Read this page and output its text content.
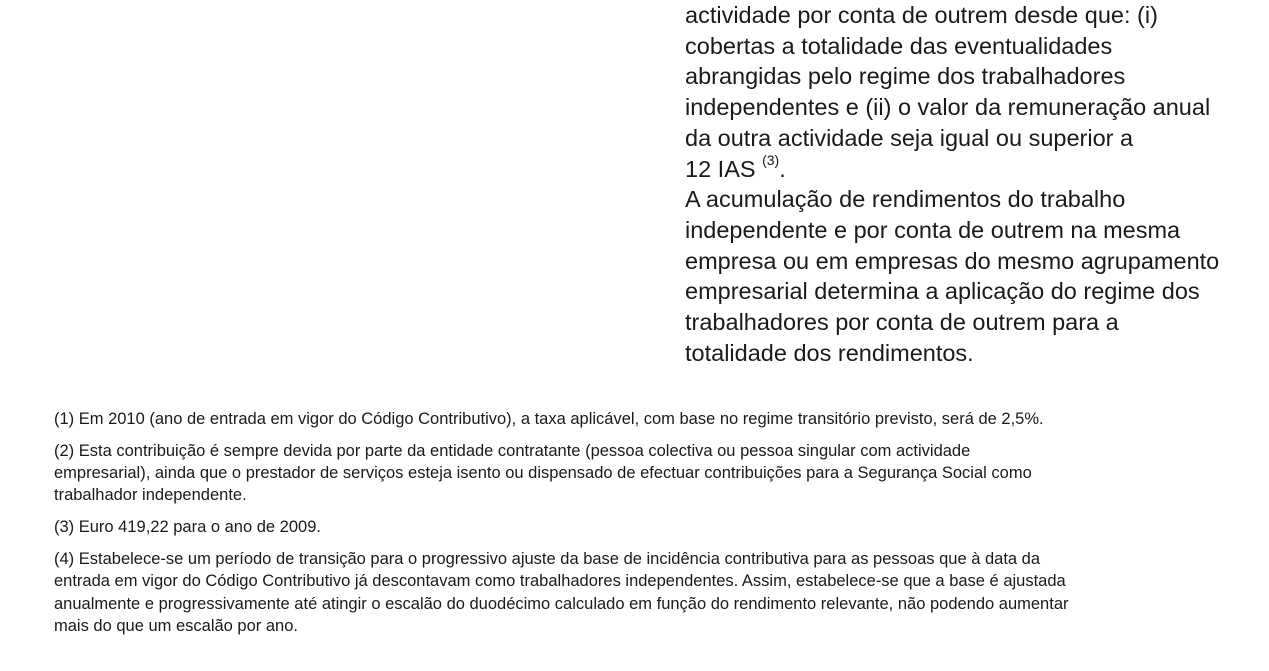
actividade por conta de outrem desde que: (i)
cobertas a totalidade das eventualidades
abrangidas pelo regime dos trabalhadores
independentes e (ii) o valor da remuneração anual
da outra actividade seja igual ou superior a
12 IAS $^{(3)}$.
A acumulação de rendimentos do trabalho
independente e por conta de outrem na mesma
empresa ou em empresas do mesmo agrupamento
empresarial determina a aplicação do regime dos
trabalhadores por conta de outrem para a
totalidade dos rendimentos.
(1) Em 2010 (ano de entrada em vigor do Código Contributivo), a taxa aplicável, com base no regime transitório previsto, será de 2,5%.
(2) Esta contribuição é sempre devida por parte da entidade contratante (pessoa colectiva ou pessoa singular com actividade
empresarial), ainda que o prestador de serviços esteja isento ou dispensado de efectuar contribuições para a Segurança Social como
trabalhador independente.
(3) Euro 419,22 para o ano de 2009.
(4) Estabelece-se um período de transição para o progressivo ajuste da base de incidência contributiva para as pessoas que à data da
entrada em vigor do Código Contributivo já descontavam como trabalhadores independentes. Assim, estabelece-se que a base é ajustada
anualmente e progressivamente até atingir o escalão do duodécimo calculado em função do rendimento relevante, não podendo aumentar
mais do que um escalão por ano.
